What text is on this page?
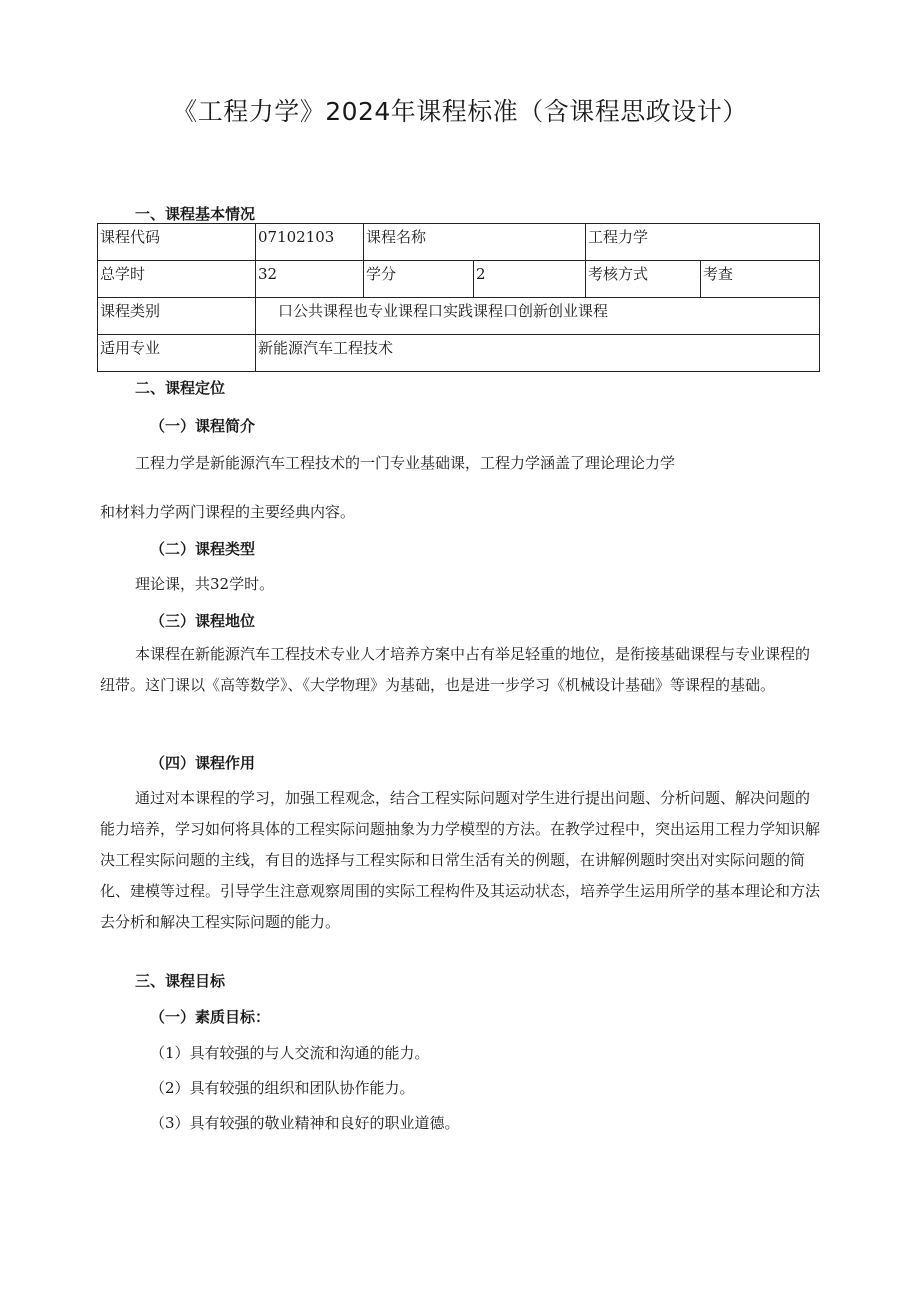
《工程力学》2024年课程标准（含课程思政设计）
一、课程基本情况
课程代码	07102103	课程名称		工程力学	
总学时	32	学分	2	考核方式	考查
课程类别	口公共课程也专业课程口实践课程口创新创业课程				
适用专业	新能源汽车工程技术				
二、课程定位
（一）课程简介
工程力学是新能源汽车工程技术的一门专业基础课，工程力学涵盖了理论理论力学
和材料力学两门课程的主要经典内容。
（二）课程类型
理论课，共32学时。
（三）课程地位
本课程在新能源汽车工程技术专业人才培养方案中占有举足轻重的地位，是衔接基础课程与专业课程的纽带。这门课以《高等数学》、《大学物理》为基础，也是进一步学习《机械设计基础》等课程的基础。
（四）课程作用
通过对本课程的学习，加强工程观念，结合工程实际问题对学生进行提出问题、分析问题、解决问题的能力培养，学习如何将具体的工程实际问题抽象为力学模型的方法。在教学过程中，突出运用工程力学知识解决工程实际问题的主线，有目的选择与工程实际和日常生活有关的例题，在讲解例题时突出对实际问题的简化、建模等过程。引导学生注意观察周围的实际工程构件及其运动状态，培养学生运用所学的基本理论和方法去分析和解决工程实际问题的能力。
三、课程目标
（一）素质目标：
（1）具有较强的与人交流和沟通的能力。
（2）具有较强的组织和团队协作能力。
（3）具有较强的敬业精神和良好的职业道德。
